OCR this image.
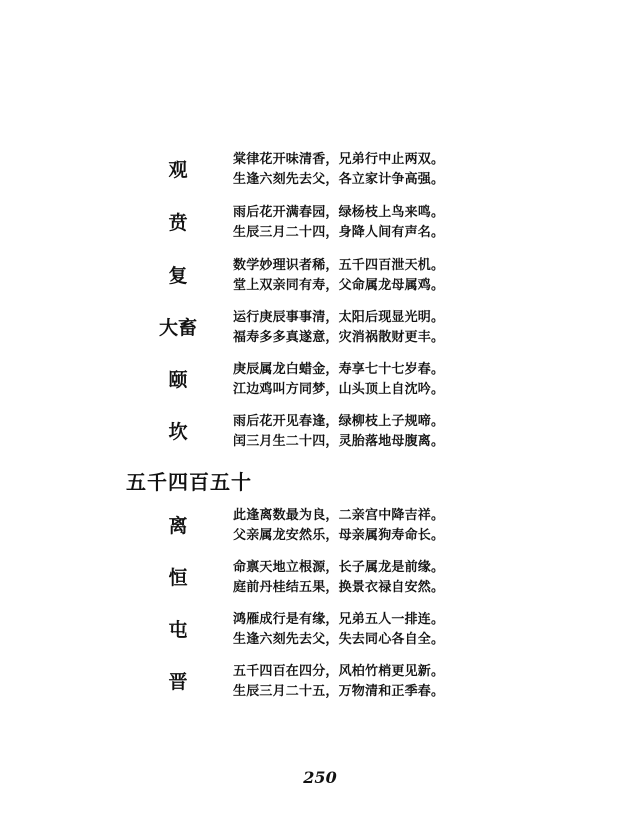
观	棠律花开味清香，兄弟行中止两双。
生逢六刻先去父，各立家计争高强。
贲	雨后花开满春园，绿杨枝上鸟来鸣。
生辰三月二十四，身降人间有声名。
复	数学妙理识者稀，五千四百泄天机。
堂上双亲同有寿，父命属龙母属鸡。
大畜	运行庚辰事事清，太阳后现显光明。
福寿多多真遂意，灾消祸散财更丰。
颐	庚辰属龙白蜡金，寿享七十七岁春。
江边鸡叫方同梦，山头顶上自沈吟。
坎	雨后花开见春逢，绿柳枝上子规啼。
闰三月生二十四，灵胎落地母腹离。
五千四百五十
离	此逢离数最为良，二亲宫中降吉祥。
父亲属龙安然乐，母亲属狗寿命长。
恒	命禀天地立根源，长子属龙是前缘。
庭前丹桂结五果，换景衣禄自安然。
屯	鸿雁成行是有缘，兄弟五人一排连。
生逢六刻先去父，失去同心各自全。
晋	五千四百在四分，风柏竹梢更见新。
生辰三月二十五，万物清和正季春。
250
